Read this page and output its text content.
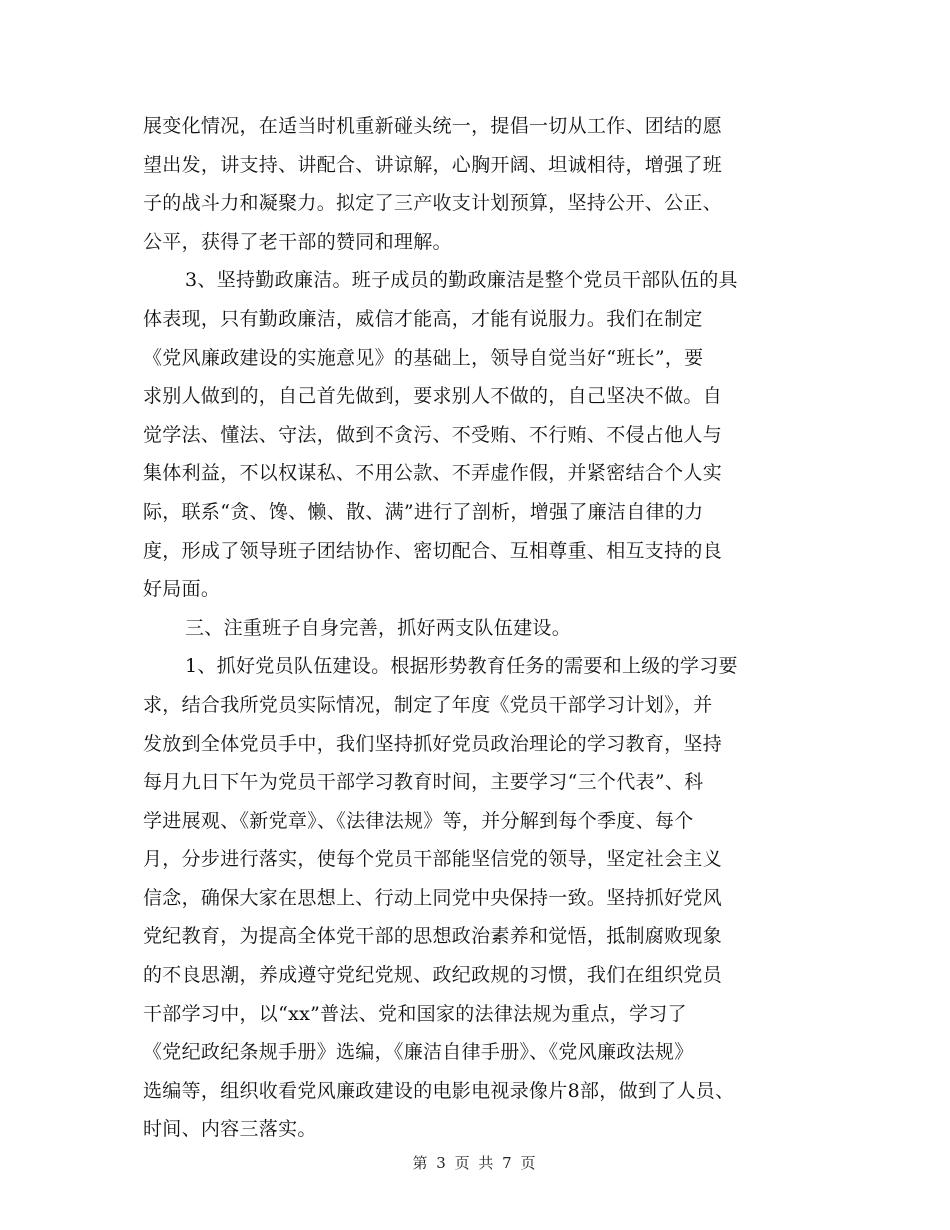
展变化情况，在适当时机重新碰头统一，提倡一切从工作、团结的愿
望出发，讲支持、讲配合、讲谅解，心胸开阔、坦诚相待，增强了班
子的战斗力和凝聚力。拟定了三产收支计划预算，坚持公开、公正、
公平，获得了老干部的赞同和理解。
3、坚持勤政廉洁。班子成员的勤政廉洁是整个党员干部队伍的具
体表现，只有勤政廉洁，威信才能高，才能有说服力。我们在制定
《党风廉政建设的实施意见》的基础上，领导自觉当好“班长”，要
求别人做到的，自己首先做到，要求别人不做的，自己坚决不做。自
觉学法、懂法、守法，做到不贪污、不受贿、不行贿、不侵占他人与
集体利益，不以权谋私、不用公款、不弄虚作假，并紧密结合个人实
际，联系“贪、馋、懒、散、满”进行了剖析，增强了廉洁自律的力
度，形成了领导班子团结协作、密切配合、互相尊重、相互支持的良
好局面。
三、注重班子自身完善，抓好两支队伍建设。
1、抓好党员队伍建设。根据形势教育任务的需要和上级的学习要
求，结合我所党员实际情况，制定了年度《党员干部学习计划》，并
发放到全体党员手中，我们坚持抓好党员政治理论的学习教育，坚持
每月九日下午为党员干部学习教育时间，主要学习“三个代表”、科
学进展观、《新党章》、《法律法规》等，并分解到每个季度、每个
月，分步进行落实，使每个党员干部能坚信党的领导，坚定社会主义
信念，确保大家在思想上、行动上同党中央保持一致。坚持抓好党风
党纪教育，为提高全体党干部的思想政治素养和觉悟，抵制腐败现象
的不良思潮，养成遵守党纪党规、政纪政规的习惯，我们在组织党员
干部学习中，以“xx”普法、党和国家的法律法规为重点，学习了
《党纪政纪条规手册》选编，《廉洁自律手册》、《党风廉政法规》
选编等，组织收看党风廉政建设的电影电视录像片8部，做到了人员、
时间、内容三落实。
第 3 页 共 7 页
